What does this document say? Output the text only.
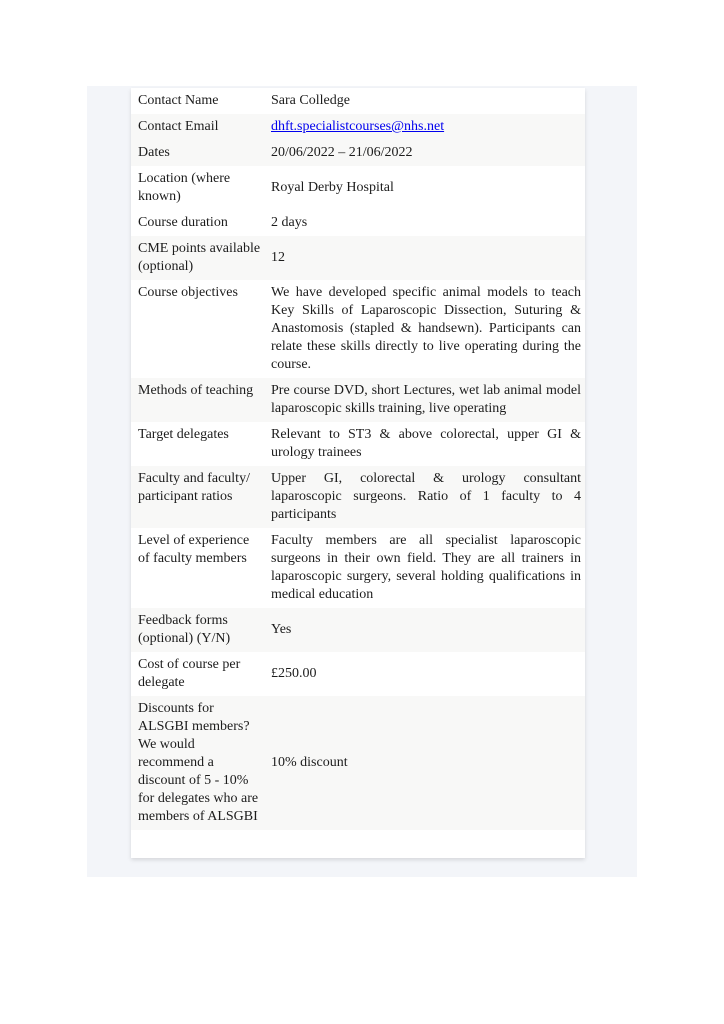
Contact Name	Sara Colledge
Contact Email	dhft.specialistcourses@nhs.net
Dates	20/06/2022 – 21/06/2022
Location (where known)	Royal Derby Hospital
Course duration	2 days
CME points available (optional)	12
Course objectives	We have developed specific animal models to teach Key Skills of Laparoscopic Dissection, Suturing & Anastomosis (stapled & handsewn). Participants can relate these skills directly to live operating during the course.
Methods of teaching	Pre course DVD, short Lectures, wet lab animal model laparoscopic skills training, live operating
Target delegates	Relevant to ST3 & above colorectal, upper GI & urology trainees
Faculty and faculty/ participant ratios	Upper GI, colorectal & urology consultant laparoscopic surgeons. Ratio of 1 faculty to 4 participants
Level of experience of faculty members	Faculty members are all specialist laparoscopic surgeons in their own field. They are all trainers in laparoscopic surgery, several holding qualifications in medical education
Feedback forms (optional) (Y/N)	Yes
Cost of course per delegate	£250.00
Discounts for ALSGBI members? We would recommend a discount of 5 - 10% for delegates who are members of ALSGBI	10% discount
